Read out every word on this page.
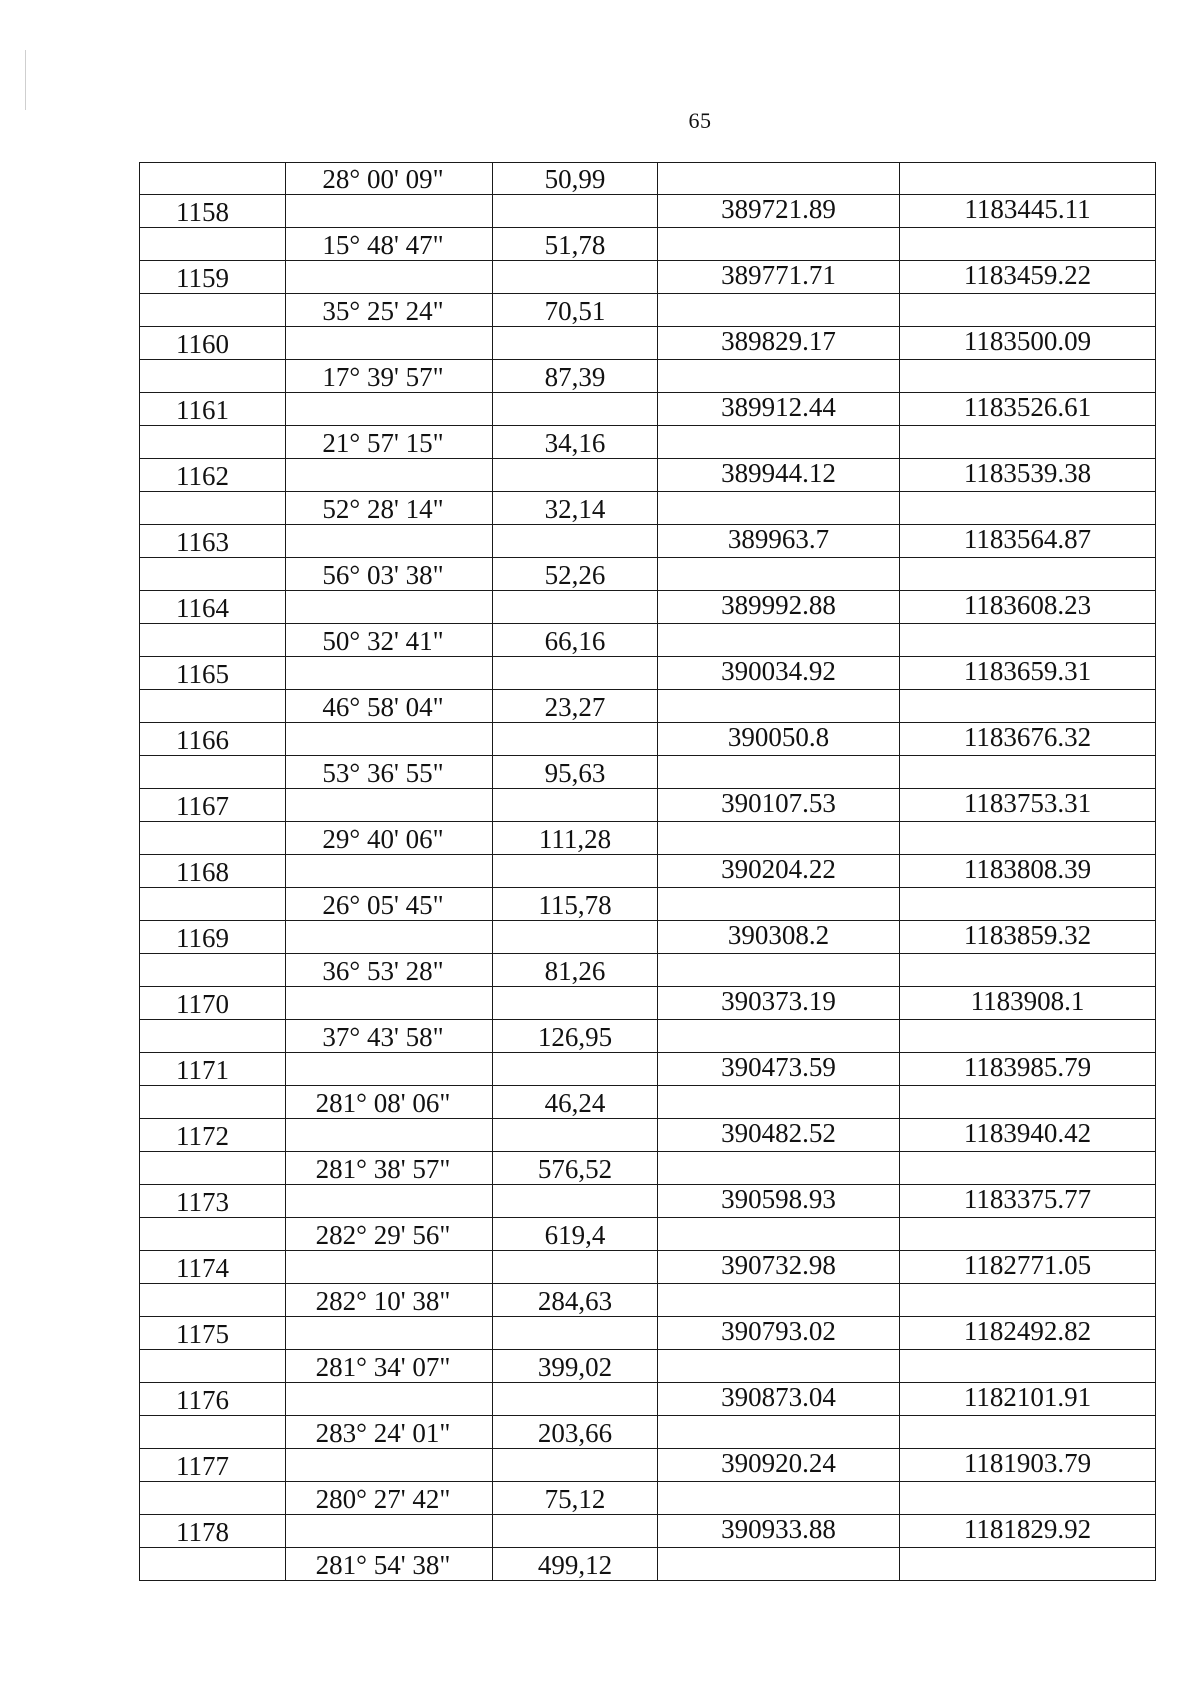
65
	28° 00' 09"	50,99		
1158			389721.89	1183445.11
	15° 48' 47"	51,78		
1159			389771.71	1183459.22
	35° 25' 24"	70,51		
1160			389829.17	1183500.09
	17° 39' 57"	87,39		
1161			389912.44	1183526.61
	21° 57' 15"	34,16		
1162			389944.12	1183539.38
	52° 28' 14"	32,14		
1163			389963.7	1183564.87
	56° 03' 38"	52,26		
1164			389992.88	1183608.23
	50° 32' 41"	66,16		
1165			390034.92	1183659.31
	46° 58' 04"	23,27		
1166			390050.8	1183676.32
	53° 36' 55"	95,63		
1167			390107.53	1183753.31
	29° 40' 06"	111,28		
1168			390204.22	1183808.39
	26° 05' 45"	115,78		
1169			390308.2	1183859.32
	36° 53' 28"	81,26		
1170			390373.19	1183908.1
	37° 43' 58"	126,95		
1171			390473.59	1183985.79
	281° 08' 06"	46,24		
1172			390482.52	1183940.42
	281° 38' 57"	576,52		
1173			390598.93	1183375.77
	282° 29' 56"	619,4		
1174			390732.98	1182771.05
	282° 10' 38"	284,63		
1175			390793.02	1182492.82
	281° 34' 07"	399,02		
1176			390873.04	1182101.91
	283° 24' 01"	203,66		
1177			390920.24	1181903.79
	280° 27' 42"	75,12		
1178			390933.88	1181829.92
	281° 54' 38"	499,12		
